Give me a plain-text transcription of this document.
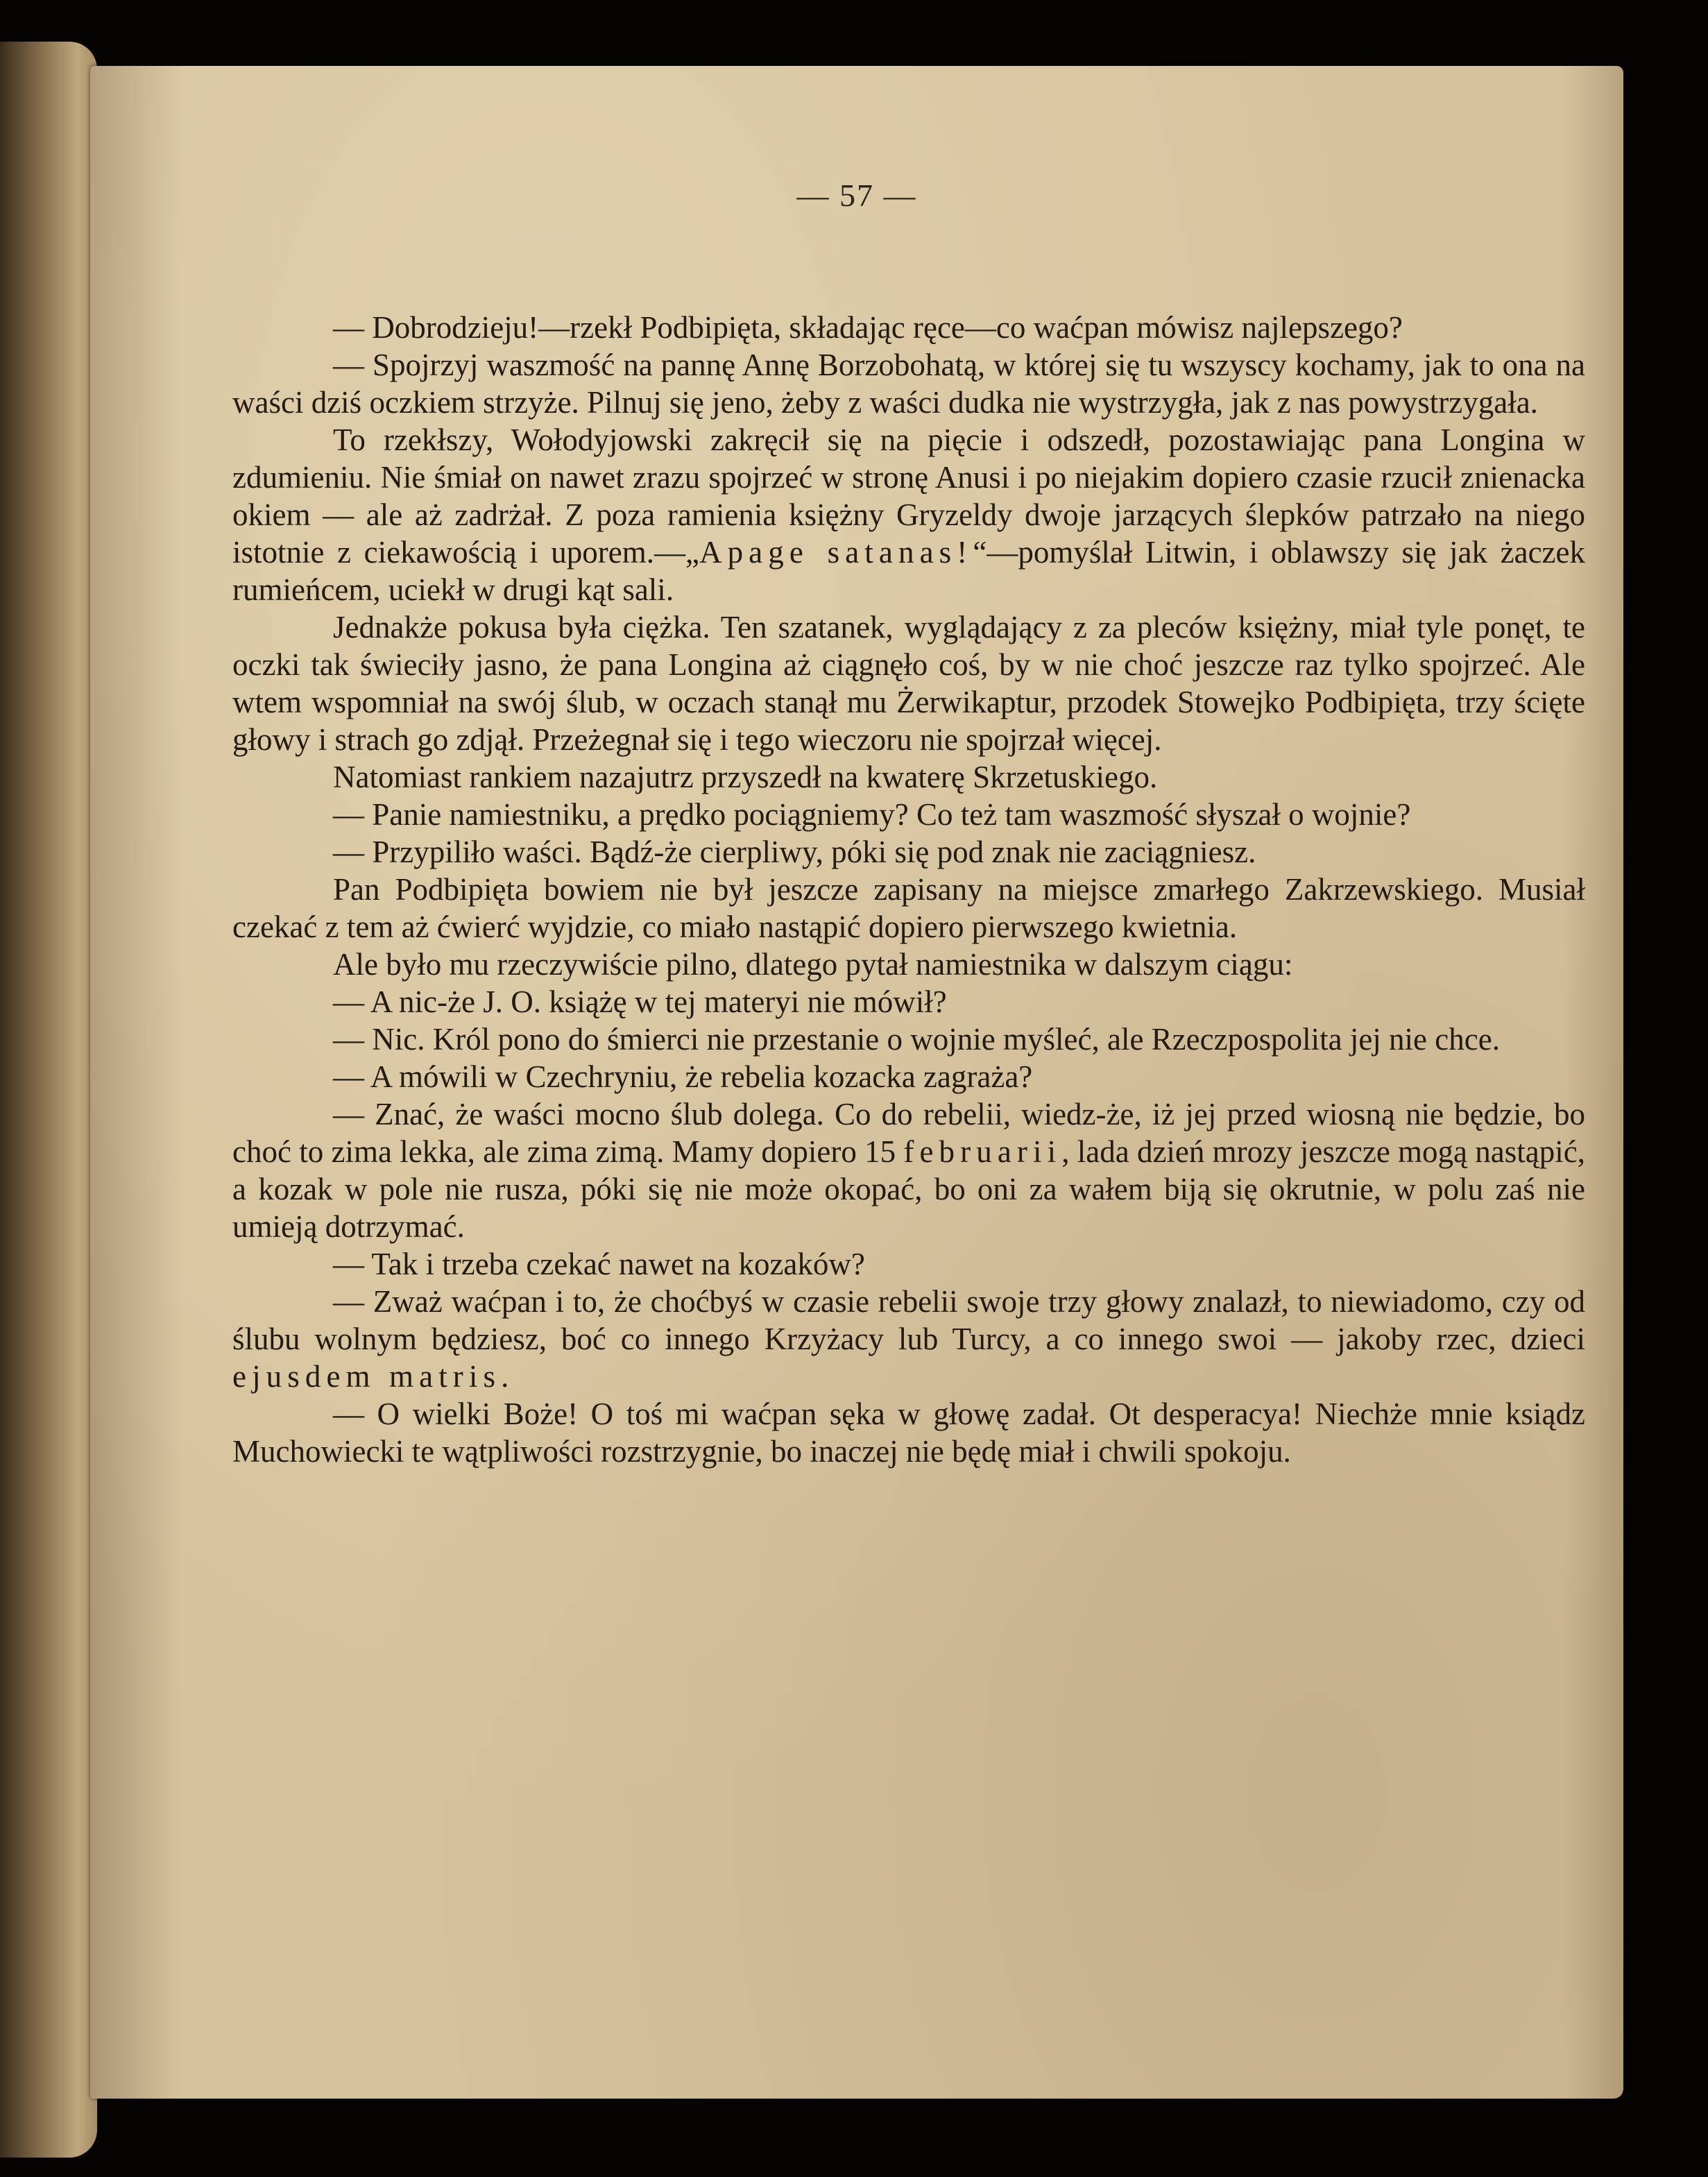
— 57 —

— Dobrodzieju!—rzekł Podbipięta, składając ręce—co waćpan mówisz najlepszego?

— Spojrzyj waszmość na pannę Annę Borzobohatą, w której się tu wszyscy kochamy, jak to ona na waści dziś oczkiem strzyże. Pilnuj się jeno, żeby z waści dudka nie wystrzygła, jak z nas powystrzygała.

To rzekłszy, Wołodyjowski zakręcił się na pięcie i odszedł, pozostawiając pana Longina w zdumieniu. Nie śmiał on nawet zrazu spojrzeć w stronę Anusi i po niejakim dopiero czasie rzucił znienacka okiem — ale aż zadrżał. Z poza ramienia księżny Gryzeldy dwoje jarzących ślepków patrzało na niego istotnie z ciekawością i uporem.—„Apage satanas!“—pomyślał Litwin, i oblawszy się jak żaczek rumieńcem, uciekł w drugi kąt sali.

Jednakże pokusa była ciężka. Ten szatanek, wyglądający z za pleców księżny, miał tyle ponęt, te oczki tak świeciły jasno, że pana Longina aż ciągnęło coś, by w nie choć jeszcze raz tylko spojrzeć. Ale wtem wspomniał na swój ślub, w oczach stanął mu Żerwikaptur, przodek Stowejko Podbipięta, trzy ścięte głowy i strach go zdjął. Przeżegnał się i tego wieczoru nie spojrzał więcej.

Natomiast rankiem nazajutrz przyszedł na kwaterę Skrzetuskiego.

— Panie namiestniku, a prędko pociągniemy? Co też tam waszmość słyszał o wojnie?

— Przypiliło waści. Bądź-że cierpliwy, póki się pod znak nie zaciągniesz.

Pan Podbipięta bowiem nie był jeszcze zapisany na miejsce zmarłego Zakrzewskiego. Musiał czekać z tem aż ćwierć wyjdzie, co miało nastąpić dopiero pierwszego kwietnia.

Ale było mu rzeczywiście pilno, dlatego pytał namiestnika w dalszym ciągu:

— A nic-że J. O. książę w tej materyi nie mówił?

— Nic. Król pono do śmierci nie przestanie o wojnie myśleć, ale Rzeczpospolita jej nie chce.

— A mówili w Czechryniu, że rebelia kozacka zagraża?

— Znać, że waści mocno ślub dolega. Co do rebelii, wiedz-że, iż jej przed wiosną nie będzie, bo choć to zima lekka, ale zima zimą. Mamy dopiero 15 februarii, lada dzień mrozy jeszcze mogą nastąpić, a kozak w pole nie rusza, póki się nie może okopać, bo oni za wałem biją się okrutnie, w polu zaś nie umieją dotrzymać.

— Tak i trzeba czekać nawet na kozaków?

— Zważ waćpan i to, że choćbyś w czasie rebelii swoje trzy głowy znalazł, to niewiadomo, czy od ślubu wolnym będziesz, boć co innego Krzyżacy lub Turcy, a co innego swoi — jakoby rzec, dzieci ejusdem matris.

— O wielki Boże! O toś mi waćpan sęka w głowę zadał. Ot desperacya! Niechże mnie ksiądz Muchowiecki te wątpliwości rozstrzygnie, bo inaczej nie będę miał i chwili spokoju.
